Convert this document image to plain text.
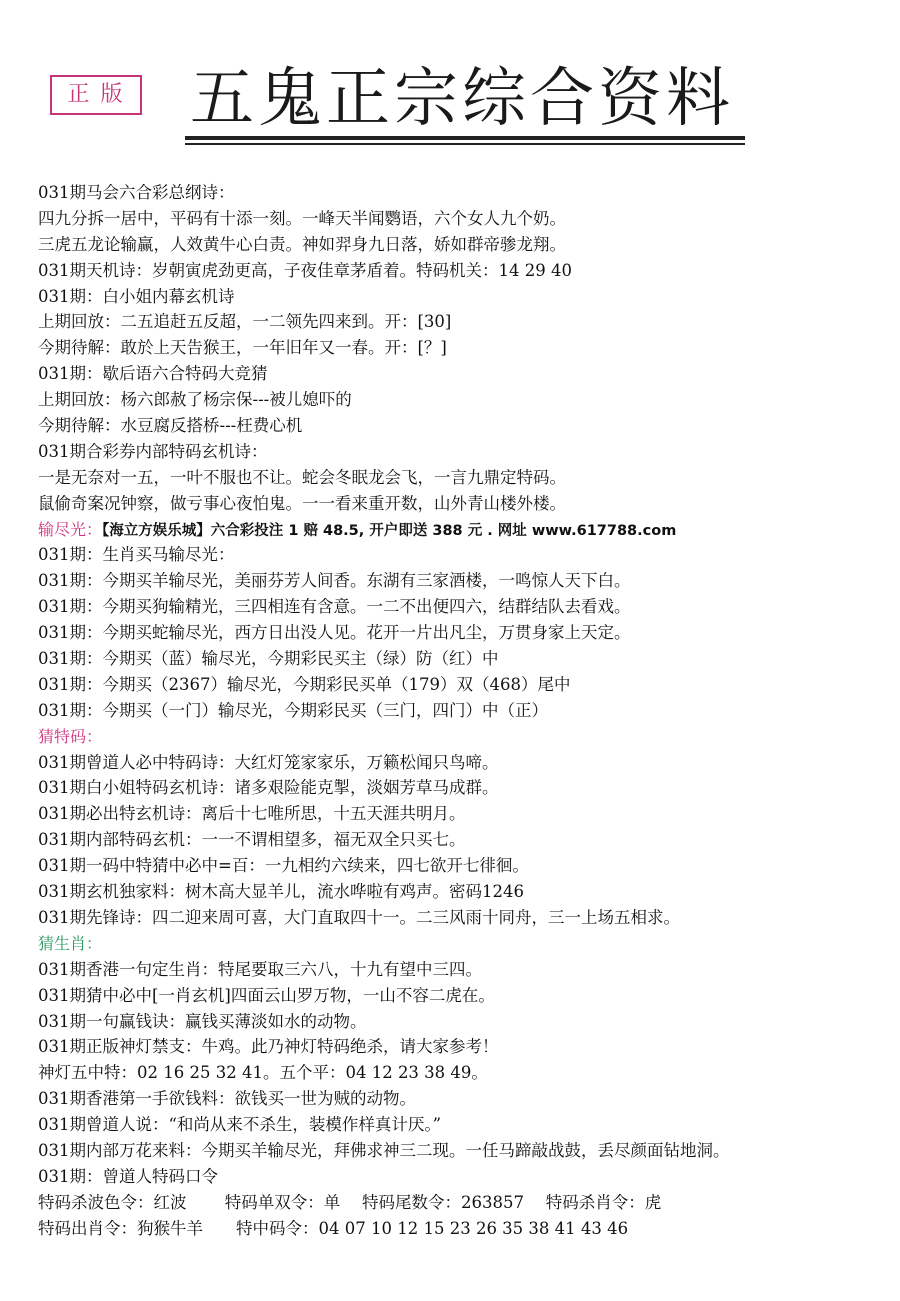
正 版 五鬼正宗综合资料
031期马会六合彩总纲诗：
四九分拆一居中，平码有十添一刻。一峰天半闻鹦语，六个女人九个奶。
三虎五龙论输赢，人效黄牛心白责。神如羿身九日落，娇如群帝骖龙翔。
031期天机诗：岁朝寅虎劲更高，子夜佳章茅盾着。特码机关：14 29 40
031期：白小姐内幕玄机诗
上期回放：二五追赶五反超，一二领先四来到。开：[30]
今期待解：敢於上天告猴王，一年旧年又一春。开：[？]
031期：歇后语六合特码大竞猜
上期回放：杨六郎赦了杨宗保---被儿媳吓的
今期待解：水豆腐反搭桥---枉费心机
031期合彩券内部特码玄机诗：
一是无奈对一五，一叶不服也不让。蛇会冬眠龙会飞，一言九鼎定特码。
鼠偷奇案况钟察，做亏事心夜怕鬼。一一看来重开数，山外青山楼外楼。
输尽光：【海立方娱乐城】六合彩投注 1 赔 48.5, 开户即送 388 元 . 网址 www.617788.com
031期：生肖买马输尽光：
031期：今期买羊输尽光，美丽芬芳人间香。东湖有三家酒楼，一鸣惊人天下白。
031期：今期买狗输精光，三四相连有含意。一二不出便四六，结群结队去看戏。
031期：今期买蛇输尽光，西方日出没人见。花开一片出凡尘，万贯身家上天定。
031期：今期买（蓝）输尽光，今期彩民买主（绿）防（红）中
031期：今期买（2367）输尽光，今期彩民买单（179）双（468）尾中
031期：今期买（一门）输尽光，今期彩民买（三门，四门）中（正）
猜特码：
031期曾道人必中特码诗：大红灯笼家家乐，万籁松闻只鸟啼。
031期白小姐特码玄机诗：诸多艰险能克掣，淡姻芳草马成群。
031期必出特玄机诗：离后十七唯所思，十五天涯共明月。
031期内部特码玄机：一一不谓相望多，福无双全只买七。
031期一码中特猜中必中=百：一九相约六续来，四七欲开七徘徊。
031期玄机独家料：树木高大显羊儿，流水哗啦有鸡声。密码1246
031期先锋诗：四二迎来周可喜，大门直取四十一。二三风雨十同舟，三一上场五相求。
猜生肖：
031期香港一句定生肖：特尾要取三六八，十九有望中三四。
031期猜中必中[一肖玄机]四面云山罗万物，一山不容二虎在。
031期一句赢钱诀：赢钱买薄淡如水的动物。
031期正版神灯禁支：牛鸡。此乃神灯特码绝杀，请大家参考！
神灯五中特：02 16 25 32 41。五个平：04 12 23 38 49。
031期香港第一手欲钱料：欲钱买一世为贼的动物。
031期曾道人说：“和尚从来不杀生，装模作样真计厌。”
031期内部万花来料：今期买羊输尽光，拜佛求神三二现。一任马蹄敲战鼓，丢尽颜面钻地洞。
031期：曾道人特码口令
特码杀波色令：红波　　 特码单双令：单　 特码尾数令：263857　 特码杀肖令：虎
特码出肖令：狗猴牛羊　　特中码令：04 07 10 12 15 23 26 35 38 41 43 46
